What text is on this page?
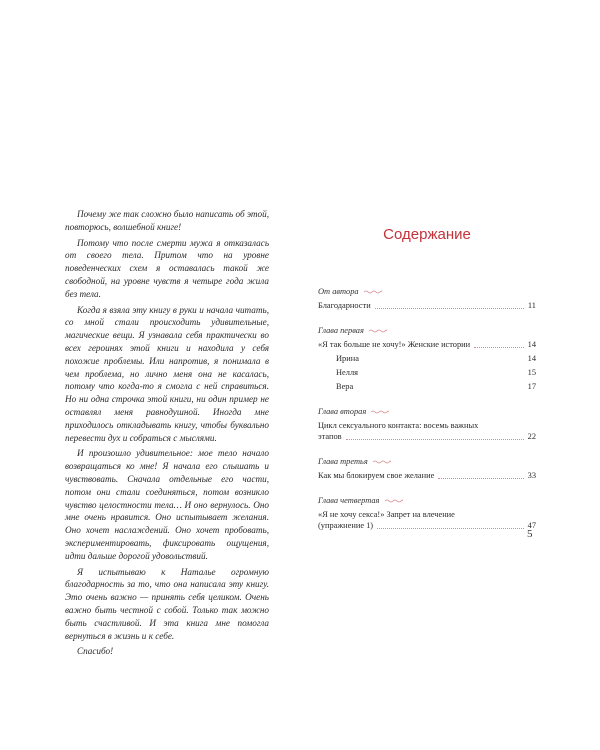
Почему же так сложно было написать об этой, повторюсь, волшебной книге!

Потому что после смерти мужа я отказалась от своего тела. Притом что на уровне поведенческих схем я оставалась такой же свободной, на уровне чувств я четыре года жила без тела.

Когда я взяла эту книгу в руки и начала читать, со мной стали происходить удивительные, магические вещи. Я узнавала себя практически во всех героинях этой книги и находила у себя похожие проблемы. Или напротив, я понимала в чем проблема, но лично меня она не касалась, потому что когда-то я смогла с ней справиться. Но ни одна строчка этой книги, ни один пример не оставлял меня равнодушной. Иногда мне приходилось откладывать книгу, чтобы буквально перевести дух и собраться с мыслями.

И произошло удивительное: мое тело начало возвращаться ко мне! Я начала его слышать и чувствовать. Сначала отдельные его части, потом они стали соединяться, потом возникло чувство целостности тела… И оно вернулось. Оно мне очень нравится. Оно испытывает желания. Оно хочет наслаждений. Оно хочет пробовать, экспериментировать, фиксировать ощущения, идти дальше дорогой удовольствий.

Я испытываю к Наталье огромную благодарность за то, что она написала эту книгу. Это очень важно — принять себя целиком. Очень важно быть честной с собой. Только так можно быть счастливой. И эта книга мне помогла вернуться в жизнь и к себе.

Спасибо!

Содержание
От автора
Благодарности	11
Глава первая
«Я так больше не хочу!» Женские истории	14
Ирина	14
Нелля	15
Вера	17
Глава вторая
Цикл сексуального контакта: восемь важных
этапов	22
Глава третья
Как мы блокируем свое желание	33
Глава четвертая
«Я не хочу секса!» Запрет на влечение
(упражнение 1)	47
5
